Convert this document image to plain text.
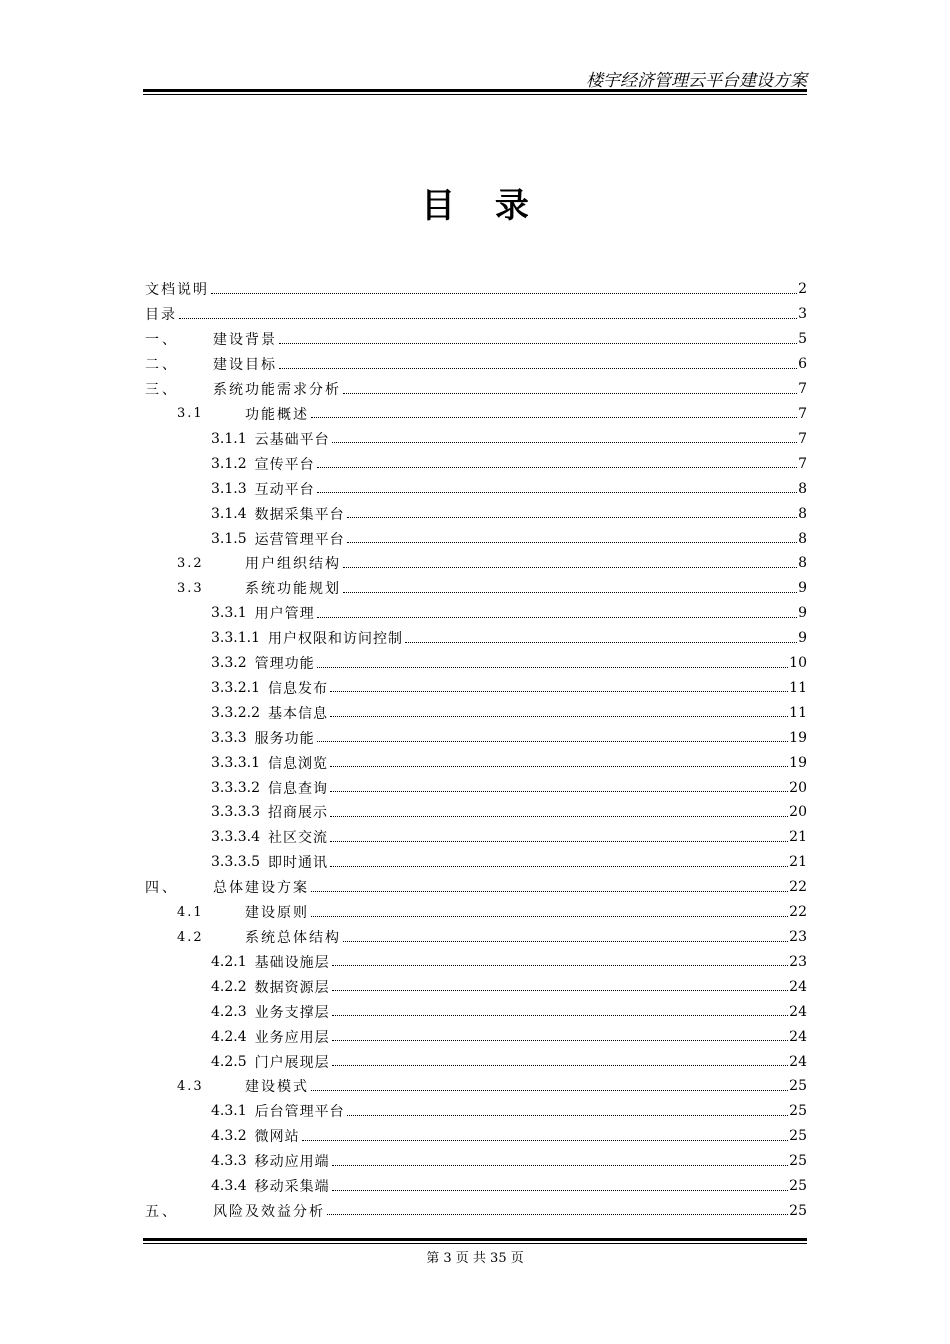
楼宇经济管理云平台建设方案
目 录
文档说明	2
目录	3
一、	建设背景	5
二、	建设目标	6
三、	系统功能需求分析	7
3.1	功能概述	7
3.1.1 云基础平台	7
3.1.2 宣传平台	7
3.1.3 互动平台	8
3.1.4 数据采集平台	8
3.1.5 运营管理平台	8
3.2	用户组织结构	8
3.3	系统功能规划	9
3.3.1 用户管理	9
3.3.1.1 用户权限和访问控制	9
3.3.2 管理功能	10
3.3.2.1 信息发布	11
3.3.2.2 基本信息	11
3.3.3 服务功能	19
3.3.3.1 信息浏览	19
3.3.3.2 信息查询	20
3.3.3.3 招商展示	20
3.3.3.4 社区交流	21
3.3.3.5 即时通讯	21
四、	总体建设方案	22
4.1	建设原则	22
4.2	系统总体结构	23
4.2.1 基础设施层	23
4.2.2 数据资源层	24
4.2.3 业务支撑层	24
4.2.4 业务应用层	24
4.2.5 门户展现层	24
4.3	建设模式	25
4.3.1 后台管理平台	25
4.3.2 微网站	25
4.3.3 移动应用端	25
4.3.4 移动采集端	25
五、	风险及效益分析	25
第 3 页 共 35 页
